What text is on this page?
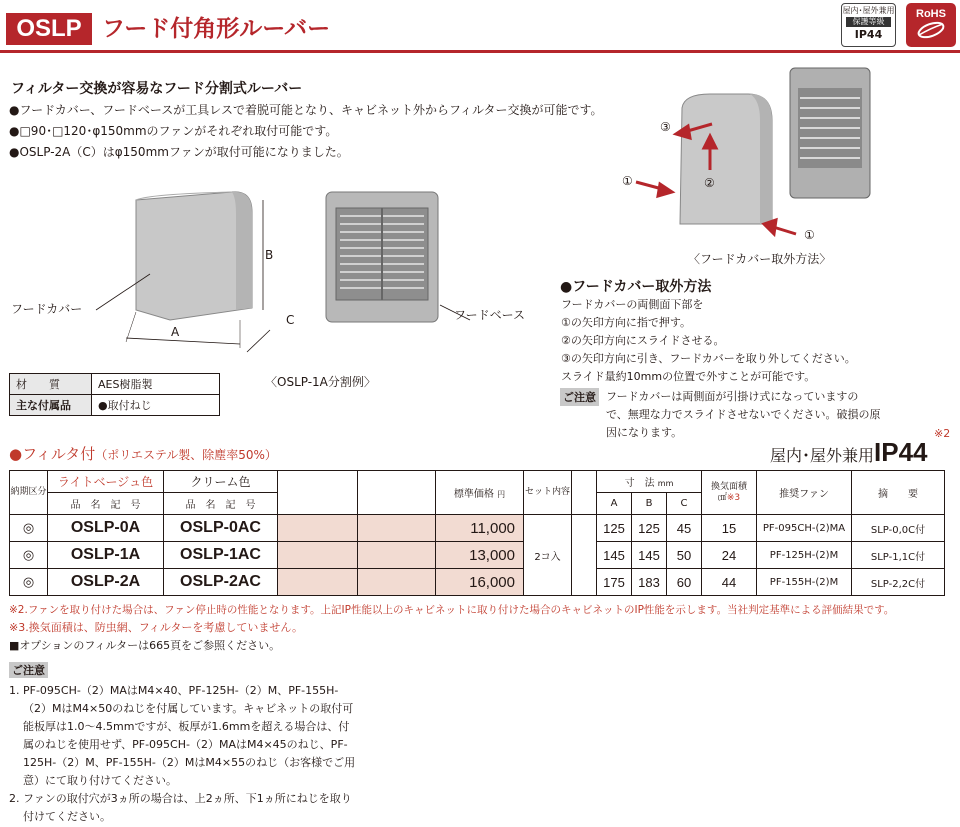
OSLP フード付角形ルーバー
屋内･屋外兼用
保護等級
IP44
RoHS
フィルター交換が容易なフード分割式ルーバー
●フードカバー、フードベースが工具レスで着脱可能となり、キャビネット外からフィルター交換が可能です。
●□90･□120･φ150mmのファンがそれぞれ取付可能です。
●OSLP-2A（C）はφ150mmファンが取付可能になりました。
フードカバー	フードベース
B
A
C
〈OSLP-1A分割例〉
③
②
①
①
〈フードカバー取外方法〉
材　　質	AES樹脂製
主な付属品	●取付ねじ
●フィルタ付（ポリエステル製、除塵率50%）
●フードカバー取外方法
フードカバーの両側面下部を
①の矢印方向に指で押す。
②の矢印方向にスライドさせる。
③の矢印方向に引き、フードカバーを取り外してください。
スライド量約10mmの位置で外すことが可能です。
ご注意 フードカバーは両側面が引掛け式になっていますの
で、無理な力でスライドさせないでください。破損の原
因になります。	※2
屋内･屋外兼用IP44
納期区分	ライトベージュ色	クリーム色			標準価格 円	セット内容		寸　法 mm			換気面積
㎠※3	推奨ファン	摘　　要
	品　名　記　号	品　名　記　号						A	B	C			
◎	OSLP-0A	OSLP-0AC			11,000	2コ入		125	125	45	15	PF-095CH-(2)MA	SLP-0,0C付
◎	OSLP-1A	OSLP-1AC			13,000			145	145	50	24	PF-125H-(2)M	SLP-1,1C付
◎	OSLP-2A	OSLP-2AC			16,000			175	183	60	44	PF-155H-(2)M	SLP-2,2C付
※2.ファンを取り付けた場合は、ファン停止時の性能となります。上記IP性能以上のキャビネットに取り付けた場合のキャビネットのIP性能を示します。当社判定基準による評価結果です。
※3.換気面積は、防虫網、フィルターを考慮していません。
■オプションのフィルターは665頁をご参照ください。
ご注意
1. PF-095CH-（2）MAはM4×40、PF-125H-（2）M、PF-155H-
（2）MはM4×50のねじを付属しています。キャビネットの取付可
能板厚は1.0～4.5mmですが、板厚が1.6mmを超える場合は、付
属のねじを使用せず、PF-095CH-（2）MAはM4×45のねじ、PF-
125H-（2）M、PF-155H-（2）MはM4×55のねじ（お客様でご用
意）にて取り付けてください。
2. ファンの取付穴が3ヵ所の場合は、上2ヵ所、下1ヵ所にねじを取り
付けてください。
